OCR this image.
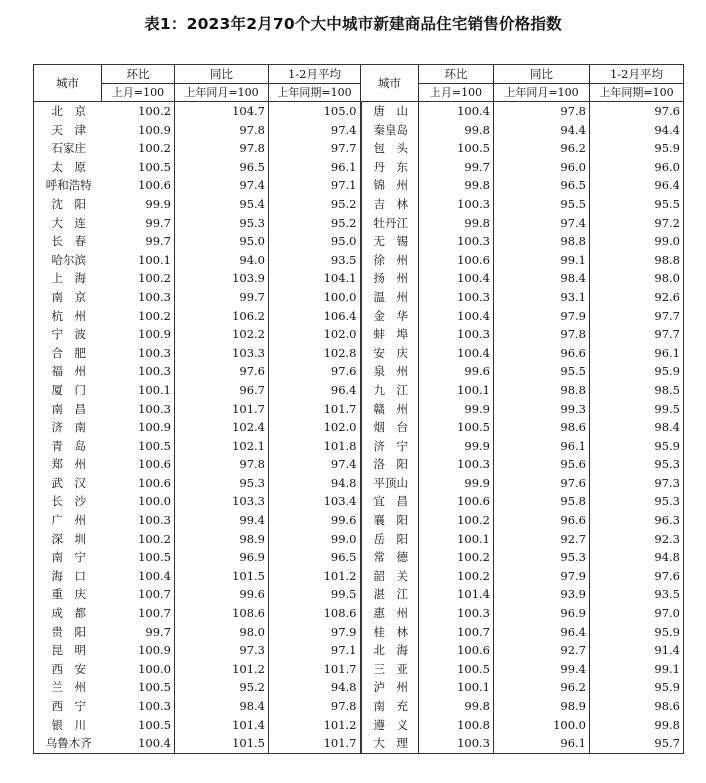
表1：2023年2月70个大中城市新建商品住宅销售价格指数
城市	环比	同比	1-2月平均	城市	环比	同比	1-2月平均
	上月=100	上年同月=100	上年同期=100		上月=100	上年同月=100	上年同期=100
北　京	100.2	104.7	105.0	唐　山	100.4	97.8	97.6
天　津	100.9	97.8	97.4	秦皇岛	99.8	94.4	94.4
石家庄	100.2	97.8	97.7	包　头	100.5	96.2	95.9
太　原	100.5	96.5	96.1	丹　东	99.7	96.0	96.0
呼和浩特	100.6	97.4	97.1	锦　州	99.8	96.5	96.4
沈　阳	99.9	95.4	95.2	吉　林	100.3	95.5	95.5
大　连	99.7	95.3	95.2	牡丹江	99.8	97.4	97.2
长　春	99.7	95.0	95.0	无　锡	100.3	98.8	99.0
哈尔滨	100.1	94.0	93.5	徐　州	100.6	99.1	98.8
上　海	100.2	103.9	104.1	扬　州	100.4	98.4	98.0
南　京	100.3	99.7	100.0	温　州	100.3	93.1	92.6
杭　州	100.2	106.2	106.4	金　华	100.4	97.9	97.7
宁　波	100.9	102.2	102.0	蚌　埠	100.3	97.8	97.7
合　肥	100.3	103.3	102.8	安　庆	100.4	96.6	96.1
福　州	100.3	97.6	97.6	泉　州	99.6	95.5	95.9
厦　门	100.1	96.7	96.4	九　江	100.1	98.8	98.5
南　昌	100.3	101.7	101.7	赣　州	99.9	99.3	99.5
济　南	100.9	102.4	102.0	烟　台	100.5	98.6	98.4
青　岛	100.5	102.1	101.8	济　宁	99.9	96.1	95.9
郑　州	100.6	97.8	97.4	洛　阳	100.3	95.6	95.3
武　汉	100.6	95.3	94.8	平顶山	99.9	97.6	97.3
长　沙	100.0	103.3	103.4	宜　昌	100.6	95.8	95.3
广　州	100.3	99.4	99.6	襄　阳	100.2	96.6	96.3
深　圳	100.2	98.9	99.0	岳　阳	100.1	92.7	92.3
南　宁	100.5	96.9	96.5	常　德	100.2	95.3	94.8
海　口	100.4	101.5	101.2	韶　关	100.2	97.9	97.6
重　庆	100.7	99.6	99.5	湛　江	101.4	93.9	93.5
成　都	100.7	108.6	108.6	惠　州	100.3	96.9	97.0
贵　阳	99.7	98.0	97.9	桂　林	100.7	96.4	95.9
昆　明	100.9	97.3	97.1	北　海	100.6	92.7	91.4
西　安	100.0	101.2	101.7	三　亚	100.5	99.4	99.1
兰　州	100.5	95.2	94.8	泸　州	100.1	96.2	95.9
西　宁	100.3	98.4	97.8	南　充	99.8	98.9	98.6
银　川	100.5	101.4	101.2	遵　义	100.8	100.0	99.8
乌鲁木齐	100.4	101.5	101.7	大　理	100.3	96.1	95.7
